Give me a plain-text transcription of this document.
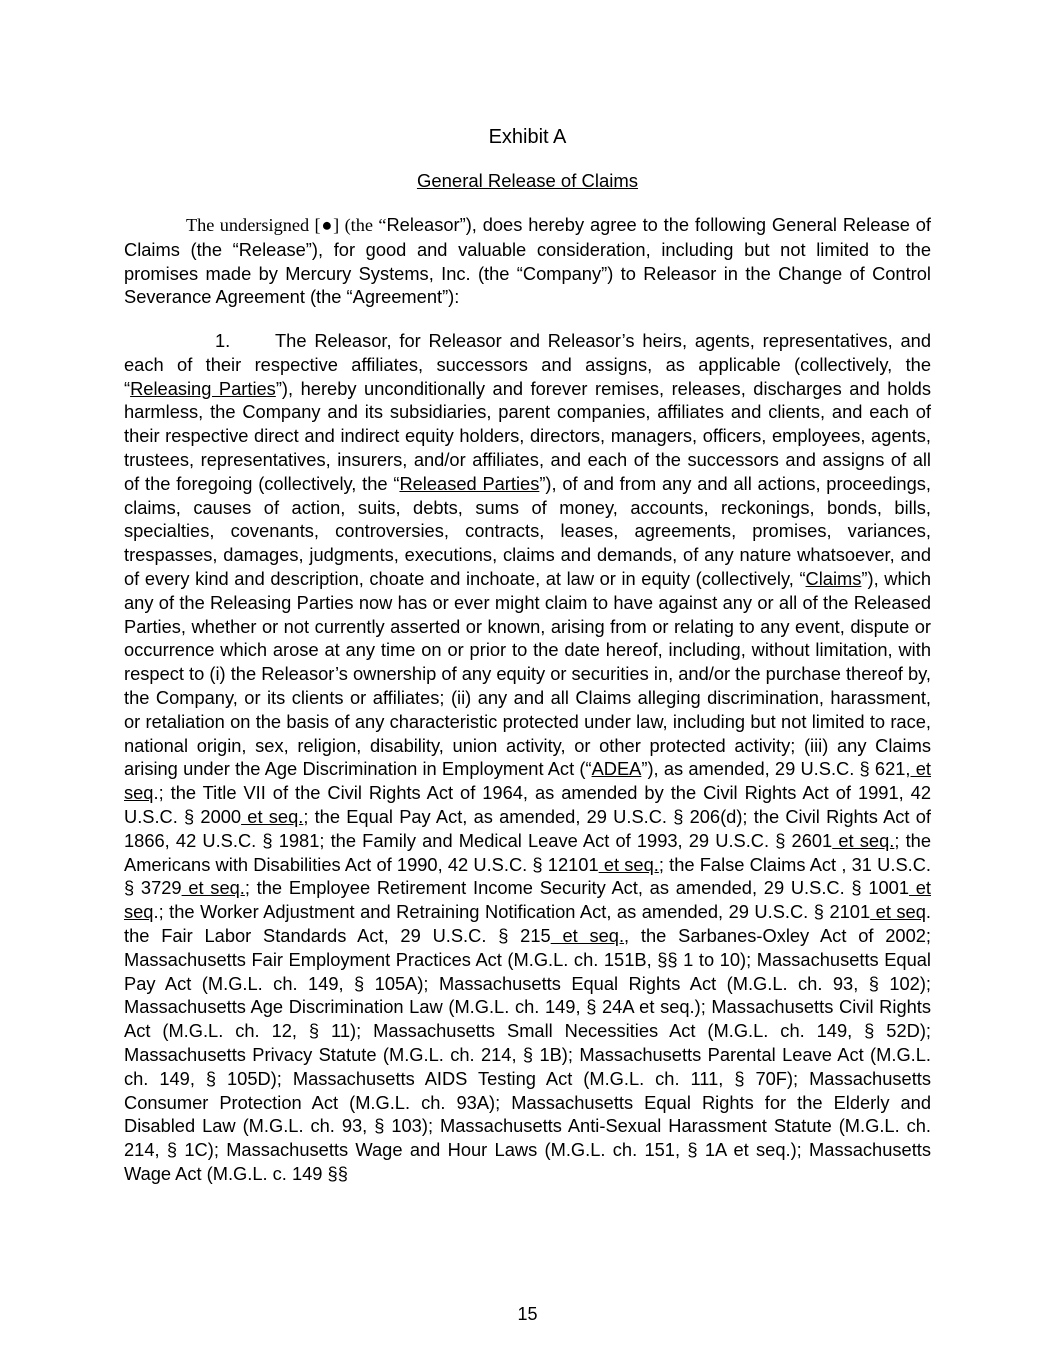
Exhibit A
General Release of Claims

The undersigned [●] (the “Releasor”), does hereby agree to the following General Release of Claims (the “Release”), for good and valuable consideration, including but not limited to the promises made by Mercury Systems, Inc. (the “Company”) to Releasor in the Change of Control Severance Agreement (the “Agreement”):

1. The Releasor, for Releasor and Releasor’s heirs, agents, representatives, and each of their respective affiliates, successors and assigns, as applicable (collectively, the “Releasing Parties”), hereby unconditionally and forever remises, releases, discharges and holds harmless, the Company and its subsidiaries, parent companies, affiliates and clients, and each of their respective direct and indirect equity holders, directors, managers, officers, employees, agents, trustees, representatives, insurers, and/or affiliates, and each of the successors and assigns of all of the foregoing (collectively, the “Released Parties”), of and from any and all actions, proceedings, claims, causes of action, suits, debts, sums of money, accounts, reckonings, bonds, bills, specialties, covenants, controversies, contracts, leases, agreements, promises, variances, trespasses, damages, judgments, executions, claims and demands, of any nature whatsoever, and of every kind and description, choate and inchoate, at law or in equity (collectively, “Claims”), which any of the Releasing Parties now has or ever might claim to have against any or all of the Released Parties, whether or not currently asserted or known, arising from or relating to any event, dispute or occurrence which arose at any time on or prior to the date hereof, including, without limitation, with respect to (i) the Releasor’s ownership of any equity or securities in, and/or the purchase thereof by, the Company, or its clients or affiliates; (ii) any and all Claims alleging discrimination, harassment, or retaliation on the basis of any characteristic protected under law, including but not limited to race, national origin, sex, religion, disability, union activity, or other protected activity; (iii) any Claims arising under the Age Discrimination in Employment Act (“ADEA”), as amended, 29 U.S.C. § 621, et seq.; the Title VII of the Civil Rights Act of 1964, as amended by the Civil Rights Act of 1991, 42 U.S.C. § 2000 et seq.; the Equal Pay Act, as amended, 29 U.S.C. § 206(d); the Civil Rights Act of 1866, 42 U.S.C. § 1981; the Family and Medical Leave Act of 1993, 29 U.S.C. § 2601 et seq.; the Americans with Disabilities Act of 1990, 42 U.S.C. § 12101 et seq.; the False Claims Act , 31 U.S.C. § 3729 et seq.; the Employee Retirement Income Security Act, as amended, 29 U.S.C. § 1001 et seq.; the Worker Adjustment and Retraining Notification Act, as amended, 29 U.S.C. § 2101 et seq. the Fair Labor Standards Act, 29 U.S.C. § 215 et seq., the Sarbanes-Oxley Act of 2002; Massachusetts Fair Employment Practices Act (M.G.L. ch. 151B, §§ 1 to 10); Massachusetts Equal Pay Act (M.G.L. ch. 149, § 105A); Massachusetts Equal Rights Act (M.G.L. ch. 93, § 102); Massachusetts Age Discrimination Law (M.G.L. ch. 149, § 24A et seq.); Massachusetts Civil Rights Act (M.G.L. ch. 12, § 11); Massachusetts Small Necessities Act (M.G.L. ch. 149, § 52D); Massachusetts Privacy Statute (M.G.L. ch. 214, § 1B); Massachusetts Parental Leave Act (M.G.L. ch. 149, § 105D); Massachusetts AIDS Testing Act (M.G.L. ch. 111, § 70F); Massachusetts Consumer Protection Act (M.G.L. ch. 93A); Massachusetts Equal Rights for the Elderly and Disabled Law (M.G.L. ch. 93, § 103); Massachusetts Anti-Sexual Harassment Statute (M.G.L. ch. 214, § 1C); Massachusetts Wage and Hour Laws (M.G.L. ch. 151, § 1A et seq.); Massachusetts Wage Act (M.G.L. c. 149 §§

15
